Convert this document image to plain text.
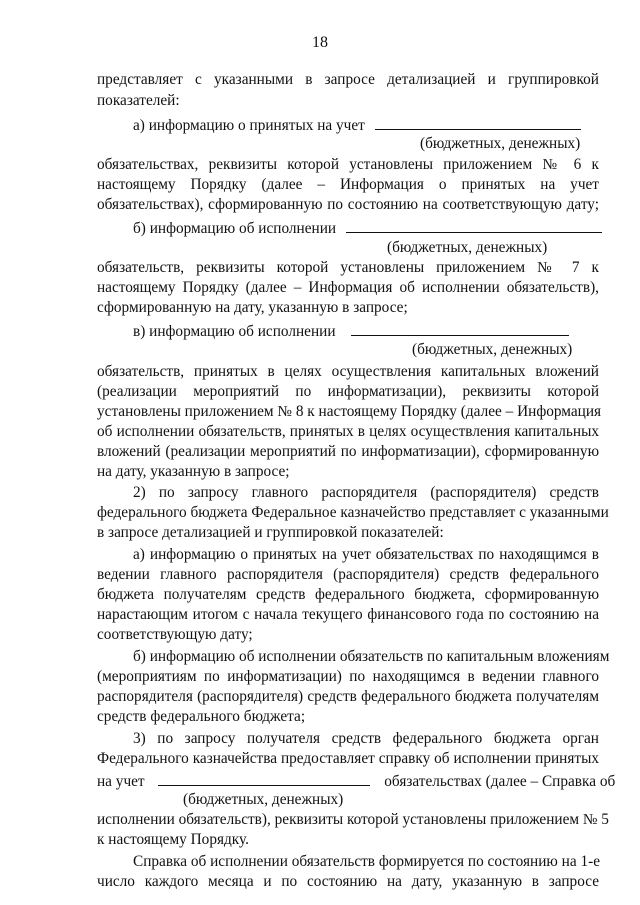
18
представляет с указанными в запросе детализацией и группировкой
показателей:
а) информацию о принятых на учет
(бюджетных, денежных)
обязательствах, реквизиты которой установлены приложением № 6 к
настоящему Порядку (далее – Информация о принятых на учет
обязательствах), сформированную по состоянию на соответствующую дату;
б) информацию об исполнении
(бюджетных, денежных)
обязательств, реквизиты которой установлены приложением № 7 к
настоящему Порядку (далее – Информация об исполнении обязательств),
сформированную на дату, указанную в запросе;
в) информацию об исполнении
(бюджетных, денежных)
обязательств, принятых в целях осуществления капитальных вложений
(реализации мероприятий по информатизации), реквизиты которой
установлены приложением № 8 к настоящему Порядку (далее – Информация
об исполнении обязательств, принятых в целях осуществления капитальных
вложений (реализации мероприятий по информатизации), сформированную
на дату, указанную в запросе;
2) по запросу главного распорядителя (распорядителя) средств
федерального бюджета Федеральное казначейство представляет с указанными
в запросе детализацией и группировкой показателей:
а) информацию о принятых на учет обязательствах по находящимся в
ведении главного распорядителя (распорядителя) средств федерального
бюджета получателям средств федерального бюджета, сформированную
нарастающим итогом с начала текущего финансового года по состоянию на
соответствующую дату;
б) информацию об исполнении обязательств по капитальным вложениям
(мероприятиям по информатизации) по находящимся в ведении главного
распорядителя (распорядителя) средств федерального бюджета получателям
средств федерального бюджета;
3) по запросу получателя средств федерального бюджета орган
Федерального казначейства предоставляет справку об исполнении принятых
на учет	обязательствах (далее – Справка об
(бюджетных, денежных)
исполнении обязательств), реквизиты которой установлены приложением № 5
к настоящему Порядку.
Справка об исполнении обязательств формируется по состоянию на 1-е
число каждого месяца и по состоянию на дату, указанную в запросе
